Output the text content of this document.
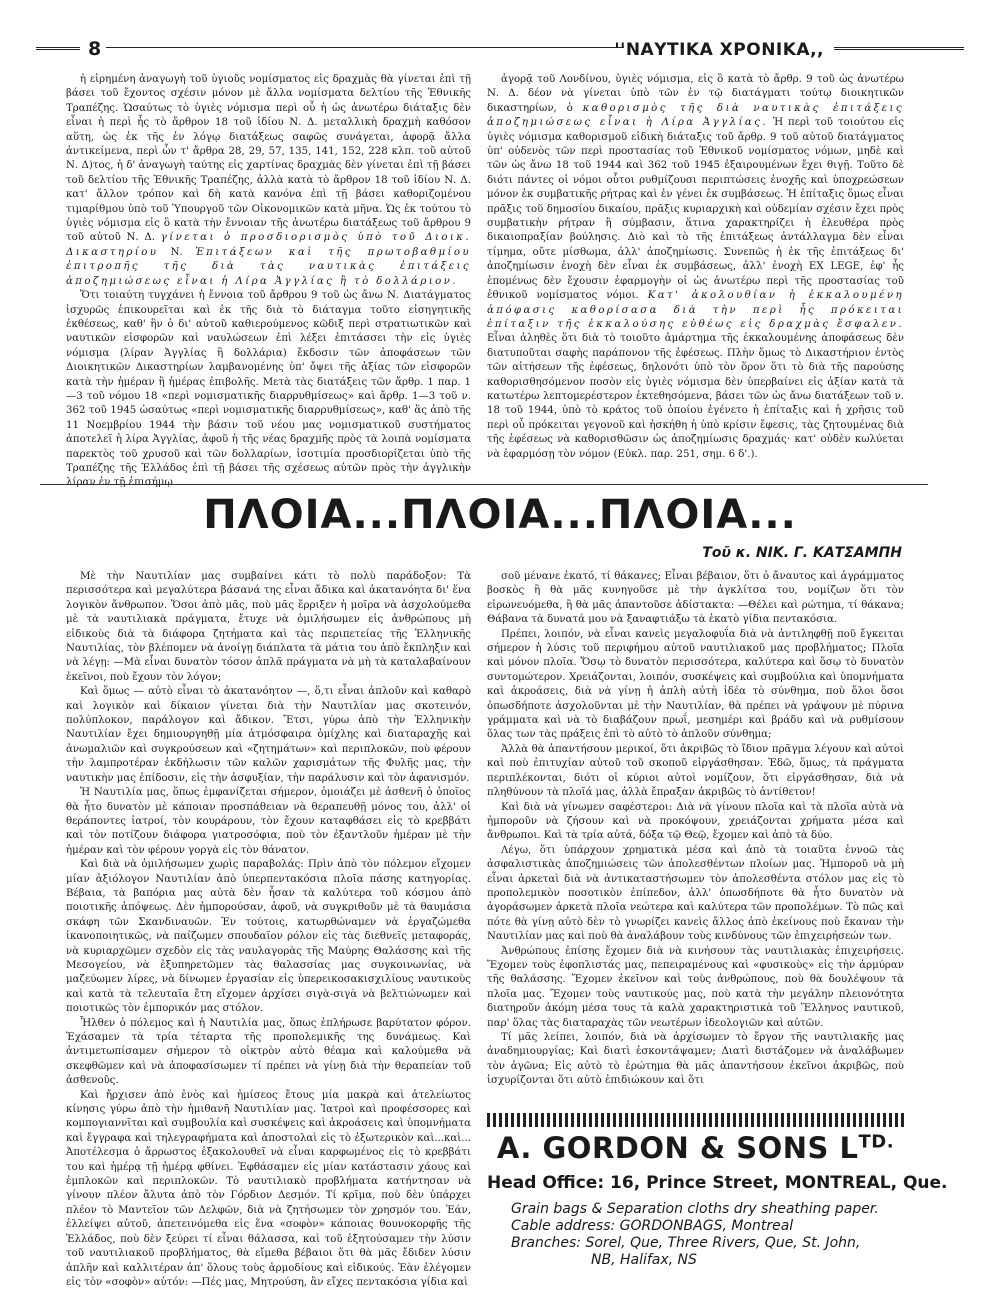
8	''ΝΑΥΤΙΚΑ ΧΡΟΝΙΚΑ,,

ἡ εἰρημένη ἀναγωγὴ τοῦ ὑγιοῦς νομίσματος εἰς δραχμὰς θὰ γίνεται ἐπὶ τῇ βάσει τοῦ ἔχοντος σχέσιν μόνον μὲ ἄλλα νομίσματα δελτίου τῆς Ἐθνικῆς Τραπέζης. Ὡσαύτως τὸ ὑγιὲς νόμισμα περὶ οὗ ἡ ὡς ἀνωτέρω διάταξις δὲν εἶναι ἡ περὶ ἧς τὸ ἄρθρον 18 τοῦ ἰδίου Ν. Δ. μεταλλικὴ δραχμὴ καθόσον αὕτη, ὡς ἐκ τῆς ἐν λόγῳ διατάξεως σαφῶς συνάγεται, ἀφορᾷ ἄλλα ἀντικείμενα, περὶ ὧν τ' ἄρθρα 28, 29, 57, 135, 141, 152, 228 κλπ. τοῦ αὐτοῦ Ν. Δ)τος, ἡ δ' ἀναγωγὴ ταύτης εἰς χαρτίνας δραχμὰς δὲν γίνεται ἐπὶ τῇ βάσει τοῦ δελτίου τῆς Ἐθνικῆς Τραπέζης, ἀλλὰ κατὰ τὸ ἄρθρον 18 τοῦ ἰδίου Ν. Δ. κατ' ἄλλον τρόπον καὶ δὴ κατὰ κανόνα ἐπὶ τῇ βάσει καθοριζομένου τιμαρίθμου ὑπὸ τοῦ Ὑπουργοῦ τῶν Οἰκονομικῶν κατὰ μῆνα. Ὡς ἐκ τούτου τὸ ὑγιὲς νόμισμα εἰς ὃ κατὰ τὴν ἔννοιαν τῆς ἀνωτέρω διατάξεως τοῦ ἄρθρου 9 τοῦ αὐτοῦ Ν. Δ. γίνεται ὁ προσδιορισμὸς ὑπὸ τοῦ Διοικ. Δικαστηρίου Ν. Ἐπιτάξεων καὶ τῆς πρωτοβαθμίου ἐπιτροπῆς τῆς διὰ τὰς ναυτικὰς ἐπιτάξεις ἀποζημιώσεως εἶναι ἡ Λίρα Ἀγγλίας ἢ τὸ δολλάριον.

Ὅτι τοιαύτη τυγχάνει ἡ ἔννοια τοῦ ἄρθρου 9 τοῦ ὡς ἄνω Ν. Διατάγματος ἰσχυρῶς ἐπικουρεῖται καὶ ἐκ τῆς διὰ τὸ διάταγμα τοῦτο εἰσηγητικῆς ἐκθέσεως, καθ' ἣν ὁ δι' αὐτοῦ καθιερούμενος κῶδιξ περὶ στρατιωτικῶν καὶ ναυτικῶν εἰσφορῶν καὶ ναυλώσεων ἐπὶ λέξει ἐπιτάσσει τὴν εἰς ὑγιὲς νόμισμα (λίραν Ἀγγλίας ἢ δολλάρια) ἔκδοσιν τῶν ἀποφάσεων τῶν Διοικητικῶν Δικαστηρίων λαμβανομένης ὑπ' ὄψει τῆς ἀξίας τῶν εἰσφορῶν κατὰ τὴν ἡμέραν ἢ ἡμέρας ἐπιβολῆς. Μετὰ τὰς διατάξεις τῶν ἄρθρ. 1 παρ. 1—3 τοῦ νόμου 18 «περὶ νομισματικῆς διαρρυθμίσεως» καὶ ἄρθρ. 1—3 τοῦ ν. 362 τοῦ 1945 ὡσαύτως «περὶ νομισματικῆς διαρρυθμίσεως», καθ' ἃς ἀπὸ τῆς 11 Νοεμβρίου 1944 τὴν βάσιν τοῦ νέου μας νομισματικοῦ συστήματος ἀποτελεῖ ἡ λίρα Ἀγγλίας, ἀφοῦ ἡ τῆς νέας δραχμῆς πρὸς τὰ λοιπὰ νομίσματα παρεκτὸς τοῦ χρυσοῦ καὶ τῶν δολλαρίων, ἰσοτιμία προσδιορίζεται ὑπὸ τῆς Τραπέζης τῆς Ἑλλάδος ἐπὶ τῇ βάσει τῆς σχέσεως αὐτῶν πρὸς τὴν ἀγγλικὴν λίραν ἐν τῇ ἐπισήμῳ

ἀγορᾷ τοῦ Λονδίνου, ὑγιὲς νόμισμα, εἰς ὃ κατὰ τὸ ἄρθρ. 9 τοῦ ὡς ἀνωτέρω Ν. Δ. δέον νὰ γίνεται ὑπὸ τῶν ἐν τῷ διατάγματι τούτῳ διοικητικῶν δικαστηρίων, ὁ καθορισμὸς τῆς διὰ ναυτικὰς ἐπιτάξεις ἀποζημιώσεως εἶναι ἡ Λίρα Ἀγγλίας. Ἡ περὶ τοῦ τοιούτου εἰς ὑγιὲς νόμισμα καθορισμοῦ εἰδικὴ διάταξις τοῦ ἄρθρ. 9 τοῦ αὐτοῦ διατάγματος ὑπ' οὐδενὸς τῶν περὶ προστασίας τοῦ Ἐθνικοῦ νομίσματος νόμων, μηδὲ καὶ τῶν ὡς ἄνω 18 τοῦ 1944 καὶ 362 τοῦ 1945 ἐξαιρουμένων ἔχει θιγῇ. Τοῦτο δὲ διότι πάντες οἱ νόμοι οὗτοι ρυθμίζουσι περιπτώσεις ἐνοχῆς καὶ ὑποχρεώσεων μόνον ἐκ συμβατικῆς ρήτρας καὶ ἐν γένει ἐκ συμβάσεως. Ἡ ἐπίταξις ὅμως εἶναι πρᾶξις τοῦ δημοσίου δικαίου, πρᾶξις κυριαρχικὴ καὶ οὐδεμίαν σχέσιν ἔχει πρὸς συμβατικὴν ρήτραν ἢ σύμβασιν, ἅτινα χαρακτηρίζει ἡ ἐλευθέρα πρὸς δικαιοπραξίαν βούλησις. Διὸ καὶ τὸ τῆς ἐπιτάξεως ἀντάλλαγμα δὲν εἶναι τίμημα, οὔτε μίσθωμα, ἀλλ' ἀποζημίωσις. Συνεπῶς ἡ ἐκ τῆς ἐπιτάξεως δι' ἀποζημίωσιν ἐνοχὴ δὲν εἶναι ἐκ συμβάσεως, ἀλλ' ἐνοχὴ EX LEGE, ἐφ' ἧς ἑπομένως δὲν ἔχουσιν ἐφαρμογὴν οἱ ὡς ἀνωτέρω περὶ τῆς προστασίας τοῦ ἐθνικοῦ νομίσματος νόμοι. Κατ' ἀκολουθίαν ἡ ἐκκαλουμένη ἀπόφασις καθορίσασα διὰ τὴν περὶ ἧς πρόκειται ἐπίταξιν τῆς ἐκκαλούσης εὐθέως εἰς δραχμὰς ἔσφαλεν. Εἶναι ἀληθὲς ὅτι διὰ τὸ τοιοῦτο ἁμάρτημα τῆς ἐκκαλουμένης ἀποφάσεως δὲν διατυποῦται σαφὴς παράπονον τῆς ἐφέσεως. Πλὴν ὅμως τὸ Δικαστήριον ἐντὸς τῶν αἰτήσεων τῆς ἐφέσεως, δηλονότι ὑπὸ τὸν ὅρον ὅτι τὸ διὰ τῆς παρούσης καθορισθησόμενον ποσὸν εἰς ὑγιὲς νόμισμα δὲν ὑπερβαίνει εἰς ἀξίαν κατὰ τὰ κατωτέρω λεπτομερέστερον ἐκτεθησόμενα, βάσει τῶν ὡς ἄνω διατάξεων τοῦ ν. 18 τοῦ 1944, ὑπὸ τὸ κράτος τοῦ ὁποίου ἐγένετο ἡ ἐπίταξις καὶ ἡ χρῆσις τοῦ περὶ οὗ πρόκειται γεγονοῦ καὶ ἠσκήθη ἡ ὑπὸ κρίσιν ἔφεσις, τὰς ζητουμένας διὰ τῆς ἐφέσεως νὰ καθορισθῶσιν ὡς ἀποζημίωσις δραχμάς· κατ' οὐδὲν κωλύεται νὰ ἐφαρμόσῃ τὸν νόμον (Εὐκλ. παρ. 251, σημ. 6 δ'.).

ΠΛΟΙΑ...ΠΛΟΙΑ...ΠΛΟΙΑ...
Τοῦ κ. ΝΙΚ. Γ. ΚΑΤΣΑΜΠΗ

Μὲ τὴν Ναυτιλίαν μας συμβαίνει κάτι τὸ πολὺ παράδοξον: Τὰ περισσότερα καὶ μεγαλύτερα βάσανά της εἶναι ἄδικα καὶ ἀκατανόητα δι' ἕνα λογικὸν ἄνθρωπον. Ὅσοι ἀπὸ μᾶς, ποὺ μᾶς ἔρριξεν ἡ μοῖρα νὰ ἀσχολούμεθα μὲ τὰ ναυτιλιακὰ πράγματα, ἔτυχε νὰ ὁμιλήσωμεν εἰς ἀνθρώπους μὴ εἰδικοὺς διὰ τὰ διάφορα ζητήματα καὶ τὰς περιπετείας τῆς Ἑλληνικῆς Ναυτιλίας, τὸν βλέπομεν νὰ ἀνοίγῃ διάπλατα τὰ μάτια του ἀπὸ ἔκπληξιν καὶ νὰ λέγῃ: —Μὰ εἶναι δυνατὸν τόσον ἁπλᾶ πράγματα νὰ μὴ τὰ καταλαβαίνουν ἐκεῖνοι, ποὺ ἔχουν τὸν λόγον;

Καὶ ὅμως — αὐτὸ εἶναι τὸ ἀκατανόητον —, ὅ,τι εἶναι ἁπλοῦν καὶ καθαρὸ καὶ λογικὸν καὶ δίκαιον γίνεται διὰ τὴν Ναυτιλίαν μας σκοτεινόν, πολύπλοκον, παράλογον καὶ ἄδικον. Ἔτσι, γύρω ἀπὸ τὴν Ἑλληνικὴν Ναυτιλίαν ἔχει δημιουργηθῇ μία ἀτμόσφαιρα ὁμίχλης καὶ διαταραχῆς καὶ ἀνωμαλιῶν καὶ συγκρούσεων καὶ «ζητημάτων» καὶ περιπλοκῶν, ποὺ φέρουν τὴν λαμπροτέραν ἐκδήλωσιν τῶν καλῶν χαρισμάτων τῆς Φυλῆς μας, τὴν ναυτικὴν μας ἐπίδοσιν, εἰς τὴν ἀσφυξίαν, τὴν παράλυσιν καὶ τὸν ἀφανισμόν.

Ἡ Ναυτιλία μας, ὅπως ἐμφανίζεται σήμερον, ὁμοιάζει μὲ ἀσθενῆ ὁ ὁποῖος θὰ ἦτο δυνατὸν μὲ κάποιαν προσπάθειαν νὰ θεραπευθῇ μόνος του, ἀλλ' οἱ θεράποντες ἰατροί, τὸν κουράρουν, τὸν ἔχουν καταφθάσει εἰς τὸ κρεββάτι καὶ τὸν ποτίζουν διάφορα γιατροσόφια, ποὺ τὸν ἐξαντλοῦν ἡμέραν μὲ τὴν ἡμέραν καὶ τὸν φέρουν γοργὰ εἰς τὸν θάνατον.

Καὶ διὰ νὰ ὁμιλήσωμεν χωρὶς παραβολάς: Πρὶν ἀπὸ τὸν πόλεμον εἴχομεν μίαν ἀξιόλογον Ναυτιλίαν ἀπὸ ὑπερπεντακόσια πλοῖα πάσης κατηγορίας. Βέβαια, τὰ βαπόρια μας αὐτὰ δὲν ἦσαν τὰ καλύτερα τοῦ κόσμου ἀπὸ ποιοτικῆς ἀπόψεως. Δὲν ἠμπορούσαν, ἀφοῦ, νὰ συγκριθοῦν μὲ τὰ θαυμάσια σκάφη τῶν Σκανδιναυῶν. Ἐν τούτοις, κατωρθώναμεν νὰ ἐργαζώμεθα ἱκανοποιητικῶς, νὰ παίζωμεν σπουδαῖον ρόλον εἰς τὰς διεθνεῖς μεταφοράς, νὰ κυριαρχῶμεν σχεδὸν εἰς τὰς ναυλαγορὰς τῆς Μαύρης Θαλάσσης καὶ τῆς Μεσογείου, νὰ ἐξυπηρετῶμεν τὰς θαλασσίας μας συγκοινωνίας, νὰ μαζεύωμεν λίρες, νὰ δίνωμεν ἐργασίαν εἰς ὑπερεικοσακισχιλίους ναυτικοὺς καὶ κατὰ τὰ τελευταῖα ἔτη εἴχομεν ἀρχίσει σιγὰ-σιγὰ νὰ βελτιώνωμεν καὶ ποιοτικῶς τὸν ἐμπορικόν μας στόλον.

Ἦλθεν ὁ πόλεμος καὶ ἡ Ναυτιλία μας, ὅπως ἐπλήρωσε βαρύτατον φόρον. Ἐχάσαμεν τὰ τρία τέταρτα τῆς προπολεμικῆς της δυνάμεως. Καὶ ἀντιμετωπίσαμεν σήμερον τὸ οἰκτρὸν αὐτὸ θέαμα καὶ καλούμεθα νὰ σκεφθῶμεν καὶ νὰ ἀποφασίσωμεν τί πρέπει νὰ γίνῃ διὰ τὴν θεραπείαν τοῦ ἀσθενοῦς.

Καὶ ἤρχισεν ἀπὸ ἑνὸς καὶ ἡμίσεος ἔτους μία μακρὰ καὶ ἀτελείωτος κίνησις γύρω ἀπὸ τὴν ἡμιθανῆ Ναυτιλίαν μας. Ἰατροὶ καὶ προφέσσορες καὶ κομπογιαννῖται καὶ συμβουλία καὶ συσκέψεις καὶ ἀκροάσεις καὶ ὑπομνήματα καὶ ἔγγραφα καὶ τηλεγραφήματα καὶ ἀποστολαὶ εἰς τὸ ἐξωτερικὸν καὶ...καὶ... Ἀποτέλεσμα ὁ ἄρρωστος ἐξακολουθεῖ νὰ εἶναι καρφωμένος εἰς τὸ κρεββάτι του καὶ ἡμέρᾳ τῇ ἡμέρᾳ φθίνει. Ἐφθάσαμεν εἰς μίαν κατάστασιν χάους καὶ ἐμπλοκῶν καὶ περιπλοκῶν. Τὸ ναυτιλιακὸ προβλήματα κατήντησαν νὰ γίνουν πλέον ἄλυτα ἀπὸ τὸν Γόρδιον Δεσμόν. Τί κρῖμα, ποὺ δὲν ὑπάρχει πλέον τὸ Μαντεῖον τῶν Δελφῶν, διὰ νὰ ζητήσωμεν τὸν χρησμόν του. Ἐάν, ἐλλείψει αὐτοῦ, ἀπετεινόμεθα εἰς ἕνα «σοφὸν» κάποιας θουνοκορφῆς τῆς Ἑλλάδος, ποὺ δὲν ξεύρει τί εἶναι θάλασσα, καὶ τοῦ ἐξητούσαμεν τὴν λύσιν τοῦ ναυτιλιακοῦ προβλήματος, θὰ εἴμεθα βέβαιοι ὅτι θὰ μᾶς ἔδιδεν λύσιν ἁπλῆν καὶ καλλιτέραν ἀπ' ὅλους τοὺς ἁρμοδίους καὶ εἰδικούς. Ἐὰν ἐλέγομεν εἰς τὸν «σοφὸν» αὐτόν: —Πές μας, Μητρούση, ἂν εἴχες πεντακόσια γίδια καὶ

σοῦ μένανε ἑκατό, τί θάκανες; Εἶναι βέβαιον, ὅτι ὁ ἄναυτος καὶ ἀγράμματος βοσκὸς ἢ θὰ μᾶς κυνηγοῦσε μὲ τὴν ἀγκλίτσα του, νομίζων ὅτι τὸν εἰρωνευόμεθα, ἢ θὰ μᾶς ἀπαντοῦσε ἀδίστακτα: —Θέλει καὶ ρώτημα, τί θάκανα; Θάβανα τὰ δυνατά μου νὰ ξαναφτιάξω τὰ ἑκατὸ γίδια πεντακόσια.

Πρέπει, λοιπόν, νὰ εἶναι κανεὶς μεγαλοφυΐα διὰ νὰ ἀντιληφθῇ ποῦ ἔγκειται σήμερον ἡ λύσις τοῦ περιφήμου αὐτοῦ ναυτιλιακοῦ μας προβλήματος; Πλοῖα καὶ μόνον πλοῖα. Ὅσῳ τὸ δυνατὸν περισσότερα, καλύτερα καὶ ὅσῳ τὸ δυνατὸν συντομώτερον. Χρειάζονται, λοιπόν, συσκέψεις καὶ συμβούλια καὶ ὑπομνήματα καὶ ἀκροάσεις, διὰ νὰ γίνῃ ἡ ἁπλὴ αὐτὴ ἰδέα τὸ σύνθημα, ποὺ ὅλοι ὅσοι ὁπωσδήποτε ἀσχολοῦνται μὲ τὴν Ναυτιλίαν, θὰ πρέπει νὰ γράψουν μὲ πύρινα γράμματα καὶ νὰ τὸ διαβάζουν πρωΐ, μεσημέρι καὶ βράδυ καὶ νὰ ρυθμίσουν ὅλας των τὰς πράξεις ἐπὶ τὸ αὐτὸ τὸ ἁπλοῦν σύνθημα;

Ἀλλὰ θὰ ἀπαντήσουν μερικοί, ὅτι ἀκριβῶς τὸ ἴδιον πρᾶγμα λέγουν καὶ αὐτοὶ καὶ ποὺ ἐπιτυχίαν αὐτοῦ τοῦ σκοποῦ εἰργάσθησαν. Ἐδῶ, ὅμως, τὰ πράγματα περιπλέκονται, διότι οἱ κύριοι αὐτοὶ νομίζουν, ὅτι εἰργάσθησαν, διὰ νὰ πληθύνουν τὰ πλοῖά μας, ἀλλὰ ἔπραξαν ἀκριβῶς τὸ ἀντίθετον!

Καὶ διὰ νὰ γίνωμεν σαφέστεροι: Διὰ νὰ γίνουν πλοῖα καὶ τὰ πλοῖα αὐτὰ νὰ ἠμποροῦν νὰ ζήσουν καὶ νὰ προκόψουν, χρειάζονται χρήματα μέσα καὶ ἄνθρωποι. Καὶ τὰ τρία αὐτά, δόξα τῷ Θεῷ, ἔχομεν καὶ ἀπὸ τὰ δύο.

Λέγω, ὅτι ὑπάρχουν χρηματικὰ μέσα καὶ ἀπὸ τὰ τοιαῦτα ἐννοῶ τὰς ἀσφαλιστικὰς ἀποζημιώσεις τῶν ἀπολεσθέντων πλοίων μας. Ἠμποροῦ νὰ μὴ εἶναι ἀρκεταὶ διὰ νὰ ἀντικαταστήσωμεν τὸν ἀπολεσθέντα στόλον μας εἰς τὸ προπολεμικὸν ποσοτικὸν ἐπίπεδον, ἀλλ' ὁπωσδήποτε θὰ ἦτο δυνατὸν νὰ ἀγοράσωμεν ἀρκετὰ πλοῖα νεώτερα καὶ καλύτερα τῶν προπολέμων. Τὸ πῶς καὶ πότε θὰ γίνῃ αὐτὸ δὲν τὸ γνωρίζει κανεὶς ἄλλος ἀπὸ ἐκείνους ποὺ ἔκαναν τὴν Ναυτιλίαν μας καὶ ποὺ θὰ ἀναλάβουν τοὺς κινδύνους τῶν ἐπιχειρήσεών των.

Ἀνθρώπους ἐπίσης ἔχομεν διὰ νὰ κινήσουν τὰς ναυτιλιακὰς ἐπιχειρήσεις. Ἔχομεν τοὺς ἐφοπλιστάς μας, πεπειραμένους καὶ «φυσικοὺς» εἰς τὴν ἀρμύραν τῆς θαλάσσης. Ἔχομεν ἐκεῖνον καὶ τοὺς ἀνθρώπους, ποὺ θὰ δουλέψουν τὰ πλοῖα μας. Ἔχομεν τοὺς ναυτικούς μας, ποὺ κατὰ τὴν μεγάλην πλειονότητα διατηροῦν ἀκόμη μέσα τους τὰ καλὰ χαρακτηριστικὰ τοῦ Ἕλληνος ναυτικοῦ, παρ' ὅλας τὰς διαταραχὰς τῶν νεωτέρων ἰδεολογιῶν καὶ αὐτῶν.

Τί μᾶς λείπει, λοιπόν, διὰ νὰ ἀρχίσωμεν τὸ ἔργον τῆς ναυτιλιακῆς μας ἀναδημιουργίας; Καὶ διατὶ ἐσκοντάψαμεν; Διατὶ διστάζομεν νὰ ἀναλάβωμεν τὸν ἀγῶνα; Εἰς αὐτὸ τὸ ἐρώτημα θὰ μᾶς ἀπαντήσουν ἐκεῖνοι ἀκριβῶς, ποὺ ἰσχυρίζονται ὅτι αὐτὸ ἐπιδιώκουν καὶ ὅτι

A. GORDON & SONS $L^{TD.}$
Head Office: 16, Prince Street, MONTREAL, Que.
Grain bags & Separation cloths dry sheathing paper.
Cable address: GORDONBAGS, Montreal
Branches: Sorel, Que, Three Rivers, Que, St. John,
NB, Halifax, NS
